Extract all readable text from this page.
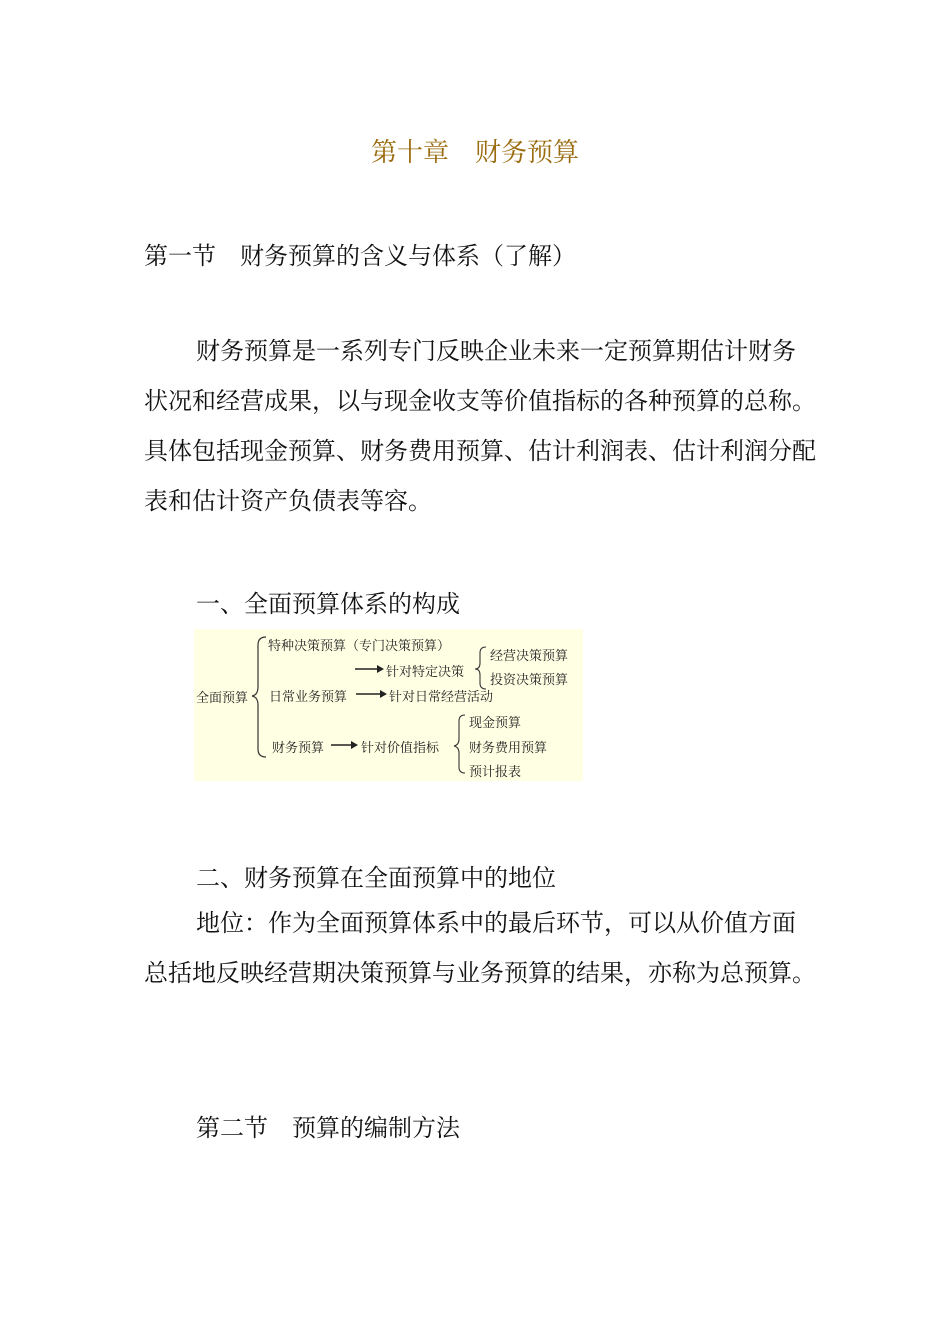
第十章　财务预算
第一节　财务预算的含义与体系（了解）
财务预算是一系列专门反映企业未来一定预算期估计财务状况和经营成果，以与现金收支等价值指标的各种预算的总称。具体包括现金预算、财务费用预算、估计利润表、估计利润分配表和估计资产负债表等容。
一、全面预算体系的构成
全面预算
特种决策预算（专门决策预算）
针对特定决策
经营决策预算
投资决策预算
日常业务预算	针对日常经营活动
财务预算	针对价值指标
现金预算
财务费用预算
预计报表
二、财务预算在全面预算中的地位
地位：作为全面预算体系中的最后环节，可以从价值方面总括地反映经营期决策预算与业务预算的结果，亦称为总预算。
第二节　预算的编制方法
